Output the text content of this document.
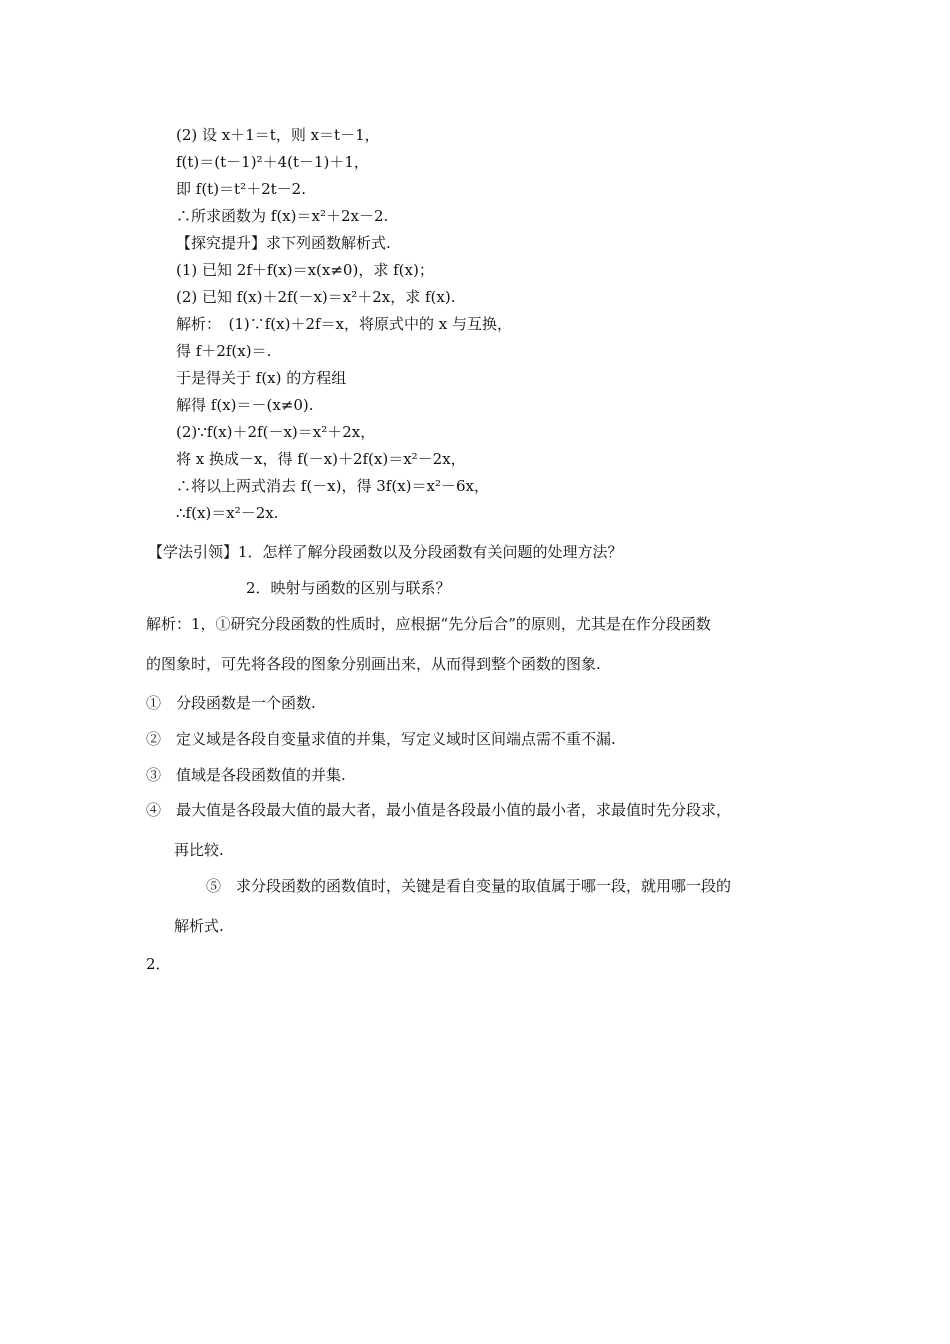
(2) 设 x＋1＝t，则 x＝t－1，
f(t)＝(t－1)²＋4(t－1)＋1，
即 f(t)＝t²＋2t－2.
∴所求函数为 f(x)＝x²＋2x－2.
【探究提升】求下列函数解析式.
(1) 已知 2f＋f(x)＝x(x≠0)，求 f(x)；
(2) 已知 f(x)＋2f(－x)＝x²＋2x，求 f(x).
解析：　(1)∵f(x)＋2f＝x，将原式中的 x 与互换，
得 f＋2f(x)＝.
于是得关于 f(x) 的方程组
解得 f(x)＝－(x≠0).
(2)∵f(x)＋2f(－x)＝x²＋2x，
将 x 换成－x，得 f(－x)＋2f(x)＝x²－2x，
∴将以上两式消去 f(－x)，得 3f(x)＝x²－6x，
∴f(x)＝x²－2x.
【学法引领】1．怎样了解分段函数以及分段函数有关问题的处理方法？
2．映射与函数的区别与联系？
解析：1，①研究分段函数的性质时，应根据“先分后合”的原则，尤其是在作分段函数
的图象时，可先将各段的图象分别画出来，从而得到整个函数的图象.
①　分段函数是一个函数.
②　定义域是各段自变量求值的并集，写定义域时区间端点需不重不漏.
③　值域是各段函数值的并集.
④　最大值是各段最大值的最大者，最小值是各段最小值的最小者，求最值时先分段求，
再比较.
⑤　求分段函数的函数值时，关键是看自变量的取值属于哪一段，就用哪一段的
解析式.
2．
